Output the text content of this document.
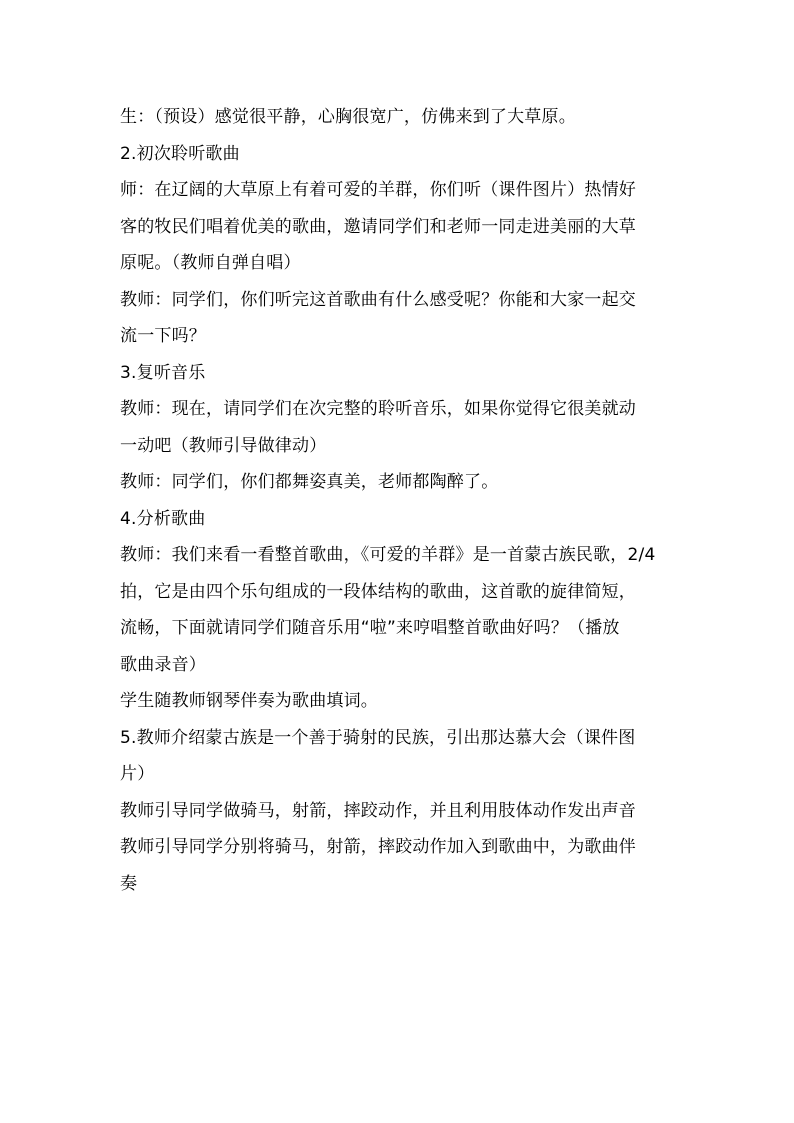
生：（预设）感觉很平静，心胸很宽广，仿佛来到了大草原。
2.初次聆听歌曲
师：在辽阔的大草原上有着可爱的羊群，你们听（课件图片）热情好
客的牧民们唱着优美的歌曲，邀请同学们和老师一同走进美丽的大草
原呢。（教师自弹自唱）
教师：同学们，你们听完这首歌曲有什么感受呢？你能和大家一起交
流一下吗？
3.复听音乐
教师：现在，请同学们在次完整的聆听音乐，如果你觉得它很美就动
一动吧（教师引导做律动）
教师：同学们，你们都舞姿真美，老师都陶醉了。
4.分析歌曲
教师：我们来看一看整首歌曲，《可爱的羊群》是一首蒙古族民歌，2/4
拍，它是由四个乐句组成的一段体结构的歌曲，这首歌的旋律简短，
流畅，下面就请同学们随音乐用“啦”来哼唱整首歌曲好吗？（播放
歌曲录音）
学生随教师钢琴伴奏为歌曲填词。
5.教师介绍蒙古族是一个善于骑射的民族，引出那达慕大会（课件图
片）
教师引导同学做骑马，射箭，摔跤动作，并且利用肢体动作发出声音
教师引导同学分别将骑马，射箭，摔跤动作加入到歌曲中，为歌曲伴
奏
